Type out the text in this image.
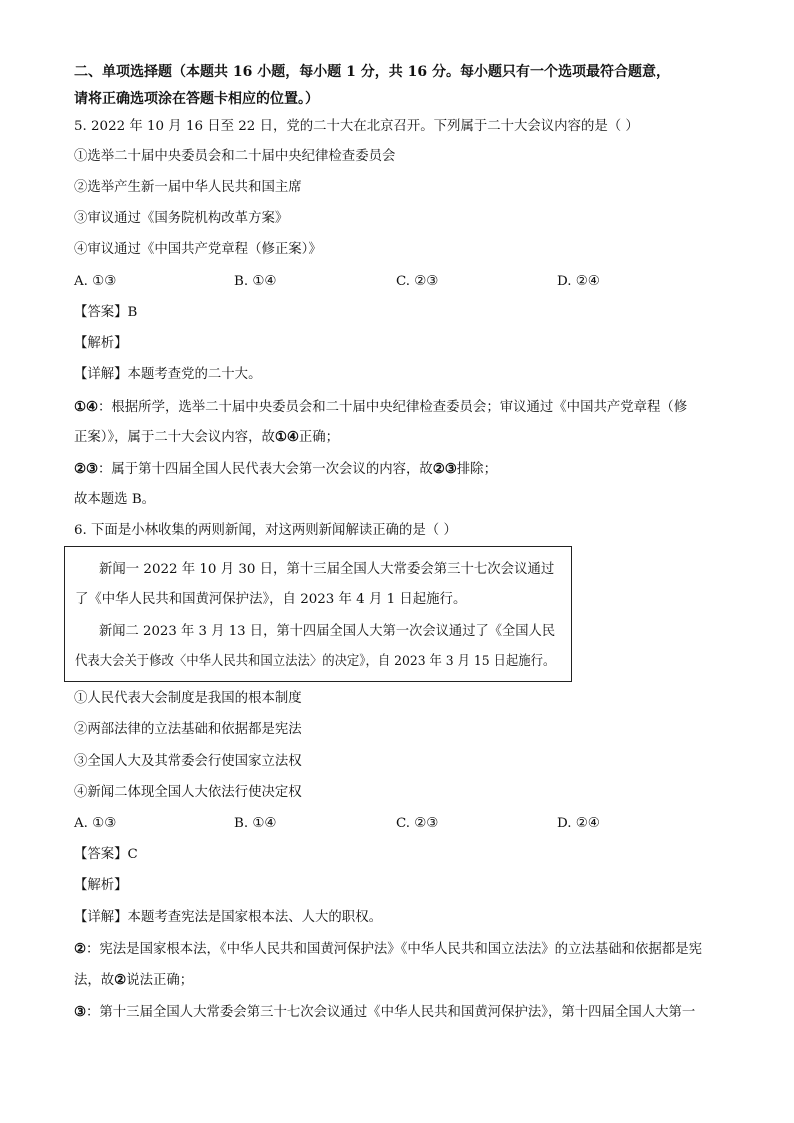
二、单项选择题（本题共 16 小题，每小题 1 分，共 16 分。每小题只有一个选项最符合题意，
请将正确选项涂在答题卡相应的位置。）
5. 2022 年 10 月 16 日至 22 日，党的二十大在北京召开。下列属于二十大会议内容的是（ ）
①选举二十届中央委员会和二十届中央纪律检查委员会
②选举产生新一届中华人民共和国主席
③审议通过《国务院机构改革方案》
④审议通过《中国共产党章程（修正案）》
A. ①③	B. ①④	C. ②③	D. ②④
【答案】B
【解析】
【详解】本题考查党的二十大。
①④：根据所学，选举二十届中央委员会和二十届中央纪律检查委员会；审议通过《中国共产党章程（修
正案）》，属于二十大会议内容，故①④正确；
②③：属于第十四届全国人民代表大会第一次会议的内容，故②③排除；
故本题选 B。
6. 下面是小林收集的两则新闻，对这两则新闻解读正确的是（ ）
新闻一 2022 年 10 月 30 日，第十三届全国人大常委会第三十七次会议通过
了《中华人民共和国黄河保护法》，自 2023 年 4 月 1 日起施行。
新闻二 2023 年 3 月 13 日，第十四届全国人大第一次会议通过了《全国人民
代表大会关于修改〈中华人民共和国立法法〉的决定》，自 2023 年 3 月 15 日起施行。
①人民代表大会制度是我国的根本制度
②两部法律的立法基础和依据都是宪法
③全国人大及其常委会行使国家立法权
④新闻二体现全国人大依法行使决定权
A. ①③	B. ①④	C. ②③	D. ②④
【答案】C
【解析】
【详解】本题考查宪法是国家根本法、人大的职权。
②：宪法是国家根本法，《中华人民共和国黄河保护法》《中华人民共和国立法法》的立法基础和依据都是宪
法，故②说法正确；
③：第十三届全国人大常委会第三十七次会议通过《中华人民共和国黄河保护法》，第十四届全国人大第一
